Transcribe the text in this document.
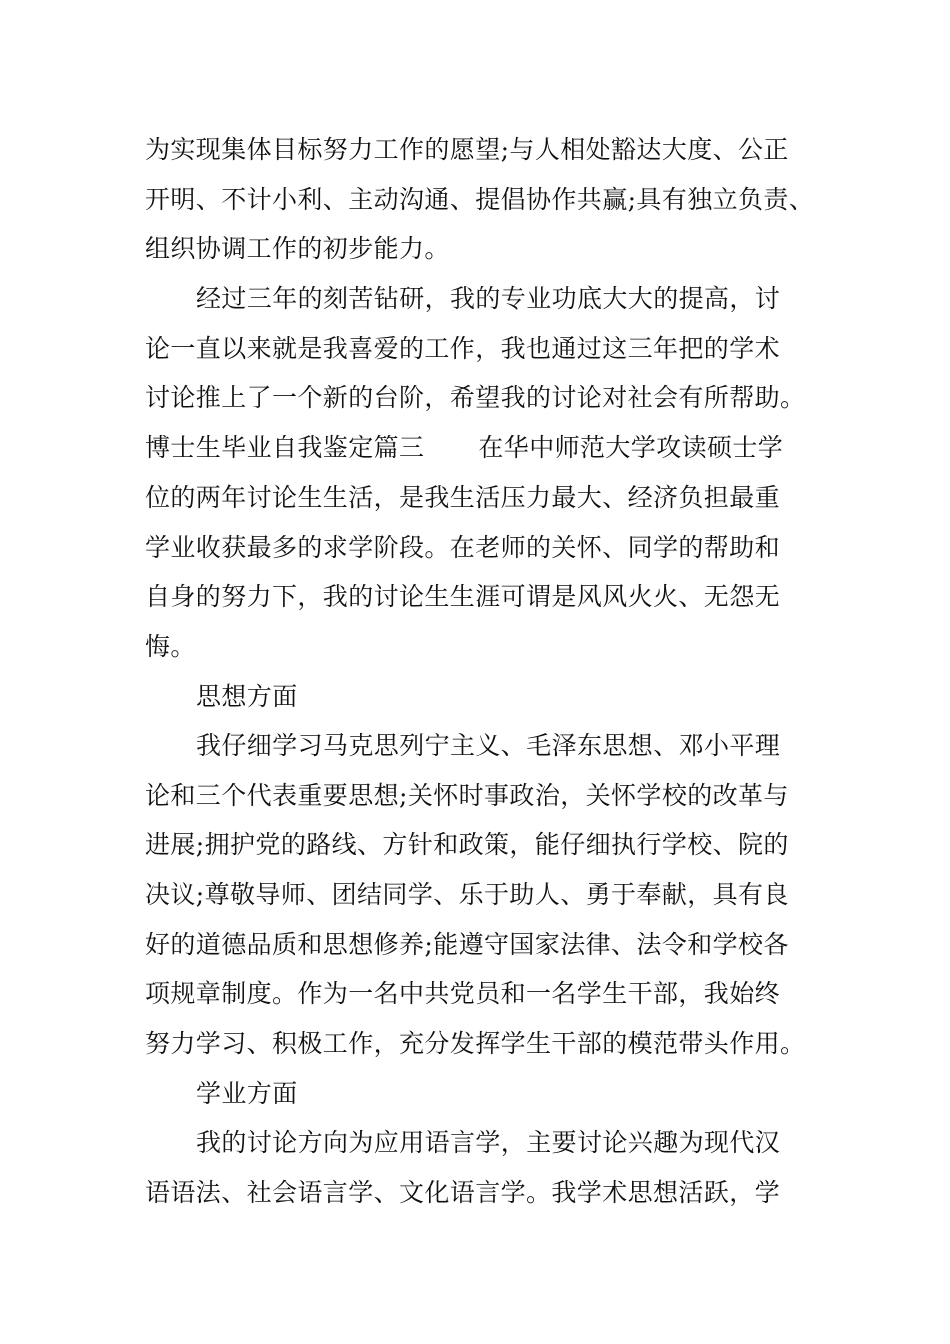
为实现集体目标努力工作的愿望;与人相处豁达大度、公正
开明、不计小利、主动沟通、提倡协作共赢;具有独立负责、
组织协调工作的初步能力。
经过三年的刻苦钻研，我的专业功底大大的提高，讨
论一直以来就是我喜爱的工作，我也通过这三年把的学术
讨论推上了一个新的台阶，希望我的讨论对社会有所帮助。
博士生毕业自我鉴定篇三 在华中师范大学攻读硕士学
位的两年讨论生生活，是我生活压力最大、经济负担最重
学业收获最多的求学阶段。在老师的关怀、同学的帮助和
自身的努力下，我的讨论生生涯可谓是风风火火、无怨无
悔。
思想方面
我仔细学习马克思列宁主义、毛泽东思想、邓小平理
论和三个代表重要思想;关怀时事政治，关怀学校的改革与
进展;拥护党的路线、方针和政策，能仔细执行学校、院的
决议;尊敬导师、团结同学、乐于助人、勇于奉献，具有良
好的道德品质和思想修养;能遵守国家法律、法令和学校各
项规章制度。作为一名中共党员和一名学生干部，我始终
努力学习、积极工作，充分发挥学生干部的模范带头作用。
学业方面
我的讨论方向为应用语言学，主要讨论兴趣为现代汉
语语法、社会语言学、文化语言学。我学术思想活跃，学
